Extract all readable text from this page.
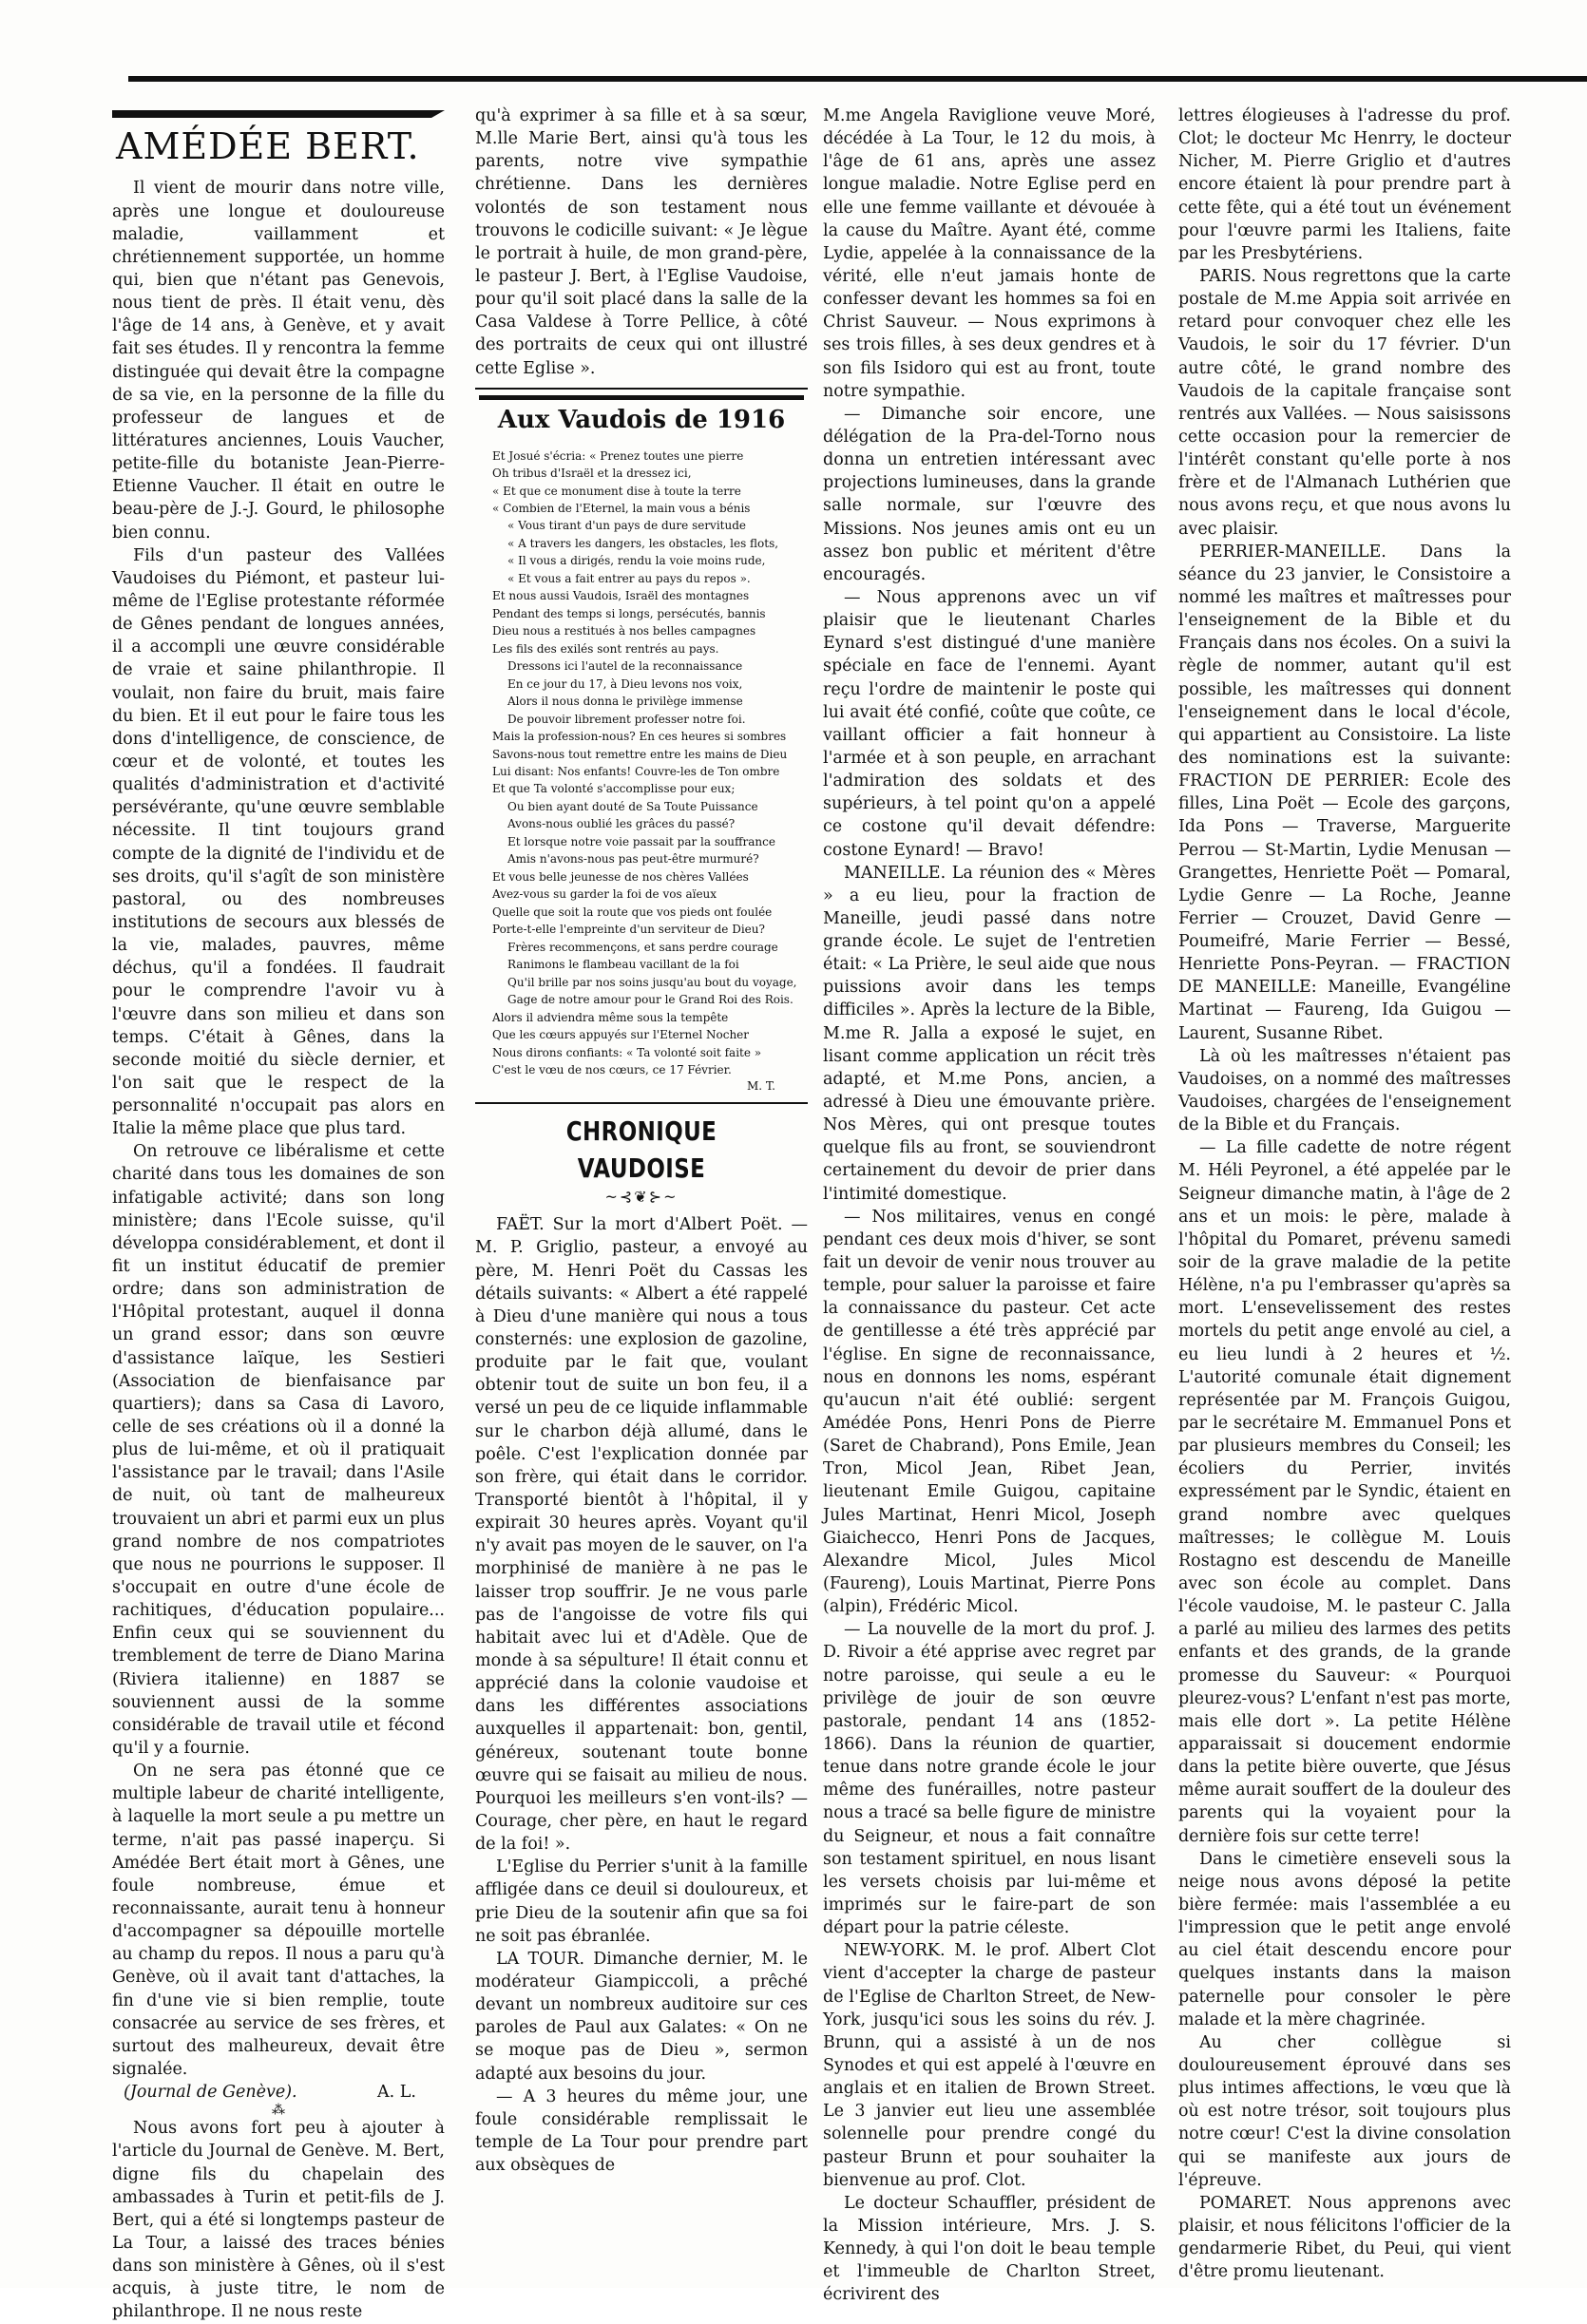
AMÉDÉE BERT.

Il vient de mourir dans notre ville, après une longue et douloureuse maladie, vaillamment et chrétiennement supportée, un homme qui, bien que n'étant pas Genevois, nous tient de près. Il était venu, dès l'âge de 14 ans, à Genève, et y avait fait ses études. Il y rencontra la femme distinguée qui devait être la compagne de sa vie, en la personne de la fille du professeur de langues et de littératures anciennes, Louis Vaucher, petite-fille du botaniste Jean-Pierre-Etienne Vaucher. Il était en outre le beau-père de J.-J. Gourd, le philosophe bien connu.

Fils d'un pasteur des Vallées Vaudoises du Piémont, et pasteur lui-même de l'Eglise protestante réformée de Gênes pendant de longues années, il a accompli une œuvre considérable de vraie et saine philanthropie. Il voulait, non faire du bruit, mais faire du bien. Et il eut pour le faire tous les dons d'intelligence, de conscience, de cœur et de volonté, et toutes les qualités d'administration et d'activité persévérante, qu'une œuvre semblable nécessite. Il tint toujours grand compte de la dignité de l'individu et de ses droits, qu'il s'agît de son ministère pastoral, ou des nombreuses institutions de secours aux blessés de la vie, malades, pauvres, même déchus, qu'il a fondées. Il faudrait pour le comprendre l'avoir vu à l'œuvre dans son milieu et dans son temps. C'était à Gênes, dans la seconde moitié du siècle dernier, et l'on sait que le respect de la personnalité n'occupait pas alors en Italie la même place que plus tard.

On retrouve ce libéralisme et cette charité dans tous les domaines de son infatigable activité; dans son long ministère; dans l'Ecole suisse, qu'il développa considérablement, et dont il fit un institut éducatif de premier ordre; dans son administration de l'Hôpital protestant, auquel il donna un grand essor; dans son œuvre d'assistance laïque, les Sestieri (Association de bienfaisance par quartiers); dans sa Casa di Lavoro, celle de ses créations où il a donné la plus de lui-même, et où il pratiquait l'assistance par le travail; dans l'Asile de nuit, où tant de malheureux trouvaient un abri et parmi eux un plus grand nombre de nos compatriotes que nous ne pourrions le supposer. Il s'occupait en outre d'une école de rachitiques, d'éducation populaire... Enfin ceux qui se souviennent du tremblement de terre de Diano Marina (Riviera italienne) en 1887 se souviennent aussi de la somme considérable de travail utile et fécond qu'il y a fournie.

On ne sera pas étonné que ce multiple labeur de charité intelligente, à laquelle la mort seule a pu mettre un terme, n'ait pas passé inaperçu. Si Amédée Bert était mort à Gênes, une foule nombreuse, émue et reconnaissante, aurait tenu à honneur d'accompagner sa dépouille mortelle au champ du repos. Il nous a paru qu'à Genève, où il avait tant d'attaches, la fin d'une vie si bien remplie, toute consacrée au service de ses frères, et surtout des malheureux, devait être signalée.

(Journal de Genève).	A. L.

⁂

Nous avons fort peu à ajouter à l'article du Journal de Genève. M. Bert, digne fils du chapelain des ambassades à Turin et petit-fils de J. Bert, qui a été si longtemps pasteur de La Tour, a laissé des traces bénies dans son ministère à Gênes, où il s'est acquis, à juste titre, le nom de philanthrope. Il ne nous reste

qu'à exprimer à sa fille et à sa sœur, M.lle Marie Bert, ainsi qu'à tous les parents, notre vive sympathie chrétienne. Dans les dernières volontés de son testament nous trouvons le codicille suivant: « Je lègue le portrait à huile, de mon grand-père, le pasteur J. Bert, à l'Eglise Vaudoise, pour qu'il soit placé dans la salle de la Casa Valdese à Torre Pellice, à côté des portraits de ceux qui ont illustré cette Eglise ».

Aux Vaudois de 1916
Et Josué s'écria: « Prenez toutes une pierre
Oh tribus d'Israël et la dressez ici,
« Et que ce monument dise à toute la terre
« Combien de l'Eternel, la main vous a bénis
« Vous tirant d'un pays de dure servitude
« A travers les dangers, les obstacles, les flots,
« Il vous a dirigés, rendu la voie moins rude,
« Et vous a fait entrer au pays du repos ».
Et nous aussi Vaudois, Israël des montagnes
Pendant des temps si longs, persécutés, bannis
Dieu nous a restitués à nos belles campagnes
Les fils des exilés sont rentrés au pays.
Dressons ici l'autel de la reconnaissance
En ce jour du 17, à Dieu levons nos voix,
Alors il nous donna le privilège immense
De pouvoir librement professer notre foi.
Mais la profession-nous? En ces heures si sombres
Savons-nous tout remettre entre les mains de Dieu
Lui disant: Nos enfants! Couvre-les de Ton ombre
Et que Ta volonté s'accomplisse pour eux;
Ou bien ayant douté de Sa Toute Puissance
Avons-nous oublié les grâces du passé?
Et lorsque notre voie passait par la souffrance
Amis n'avons-nous pas peut-être murmuré?
Et vous belle jeunesse de nos chères Vallées
Avez-vous su garder la foi de vos aïeux
Quelle que soit la route que vos pieds ont foulée
Porte-t-elle l'empreinte d'un serviteur de Dieu?
Frères recommençons, et sans perdre courage
Ranimons le flambeau vacillant de la foi
Qu'il brille par nos soins jusqu'au bout du voyage,
Gage de notre amour pour le Grand Roi des Rois.
Alors il adviendra même sous la tempête
Que les cœurs appuyés sur l'Eternel Nocher
Nous dirons confiants: « Ta volonté soit faite »
C'est le vœu de nos cœurs, ce 17 Février.
M. T.
CHRONIQUE VAUDOISE
~⊰❦⊱~

FAËT. Sur la mort d'Albert Poët. — M. P. Griglio, pasteur, a envoyé au père, M. Henri Poët du Cassas les détails suivants: « Albert a été rappelé à Dieu d'une manière qui nous a tous consternés: une explosion de gazoline, produite par le fait que, voulant obtenir tout de suite un bon feu, il a versé un peu de ce liquide inflammable sur le charbon déjà allumé, dans le poêle. C'est l'explication donnée par son frère, qui était dans le corridor. Transporté bientôt à l'hôpital, il y expirait 30 heures après. Voyant qu'il n'y avait pas moyen de le sauver, on l'a morphinisé de manière à ne pas le laisser trop souffrir. Je ne vous parle pas de l'angoisse de votre fils qui habitait avec lui et d'Adèle. Que de monde à sa sépulture! Il était connu et apprécié dans la colonie vaudoise et dans les différentes associations auxquelles il appartenait: bon, gentil, généreux, soutenant toute bonne œuvre qui se faisait au milieu de nous. Pourquoi les meilleurs s'en vont-ils? — Courage, cher père, en haut le regard de la foi! ».

L'Eglise du Perrier s'unit à la famille affligée dans ce deuil si douloureux, et prie Dieu de la soutenir afin que sa foi ne soit pas ébranlée.

LA TOUR. Dimanche dernier, M. le modérateur Giampiccoli, a prêché devant un nombreux auditoire sur ces paroles de Paul aux Galates: « On ne se moque pas de Dieu », sermon adapté aux besoins du jour.

— A 3 heures du même jour, une foule considérable remplissait le temple de La Tour pour prendre part aux obsèques de

M.me Angela Raviglione veuve Moré, décédée à La Tour, le 12 du mois, à l'âge de 61 ans, après une assez longue maladie. Notre Eglise perd en elle une femme vaillante et dévouée à la cause du Maître. Ayant été, comme Lydie, appelée à la connaissance de la vérité, elle n'eut jamais honte de confesser devant les hommes sa foi en Christ Sauveur. — Nous exprimons à ses trois filles, à ses deux gendres et à son fils Isidoro qui est au front, toute notre sympathie.

— Dimanche soir encore, une délégation de la Pra-del-Torno nous donna un entretien intéressant avec projections lumineuses, dans la grande salle normale, sur l'œuvre des Missions. Nos jeunes amis ont eu un assez bon public et méritent d'être encouragés.

— Nous apprenons avec un vif plaisir que le lieutenant Charles Eynard s'est distingué d'une manière spéciale en face de l'ennemi. Ayant reçu l'ordre de maintenir le poste qui lui avait été confié, coûte que coûte, ce vaillant officier a fait honneur à l'armée et à son peuple, en arrachant l'admiration des soldats et des supérieurs, à tel point qu'on a appelé ce costone qu'il devait défendre: costone Eynard! — Bravo!

MANEILLE. La réunion des « Mères » a eu lieu, pour la fraction de Maneille, jeudi passé dans notre grande école. Le sujet de l'entretien était: « La Prière, le seul aide que nous puissions avoir dans les temps difficiles ». Après la lecture de la Bible, M.me R. Jalla a exposé le sujet, en lisant comme application un récit très adapté, et M.me Pons, ancien, a adressé à Dieu une émouvante prière. Nos Mères, qui ont presque toutes quelque fils au front, se souviendront certainement du devoir de prier dans l'intimité domestique.

— Nos militaires, venus en congé pendant ces deux mois d'hiver, se sont fait un devoir de venir nous trouver au temple, pour saluer la paroisse et faire la connaissance du pasteur. Cet acte de gentillesse a été très apprécié par l'église. En signe de reconnaissance, nous en donnons les noms, espérant qu'aucun n'ait été oublié: sergent Amédée Pons, Henri Pons de Pierre (Saret de Chabrand), Pons Emile, Jean Tron, Micol Jean, Ribet Jean, lieutenant Emile Guigou, capitaine Jules Martinat, Henri Micol, Joseph Giaichecco, Henri Pons de Jacques, Alexandre Micol, Jules Micol (Faureng), Louis Martinat, Pierre Pons (alpin), Frédéric Micol.

— La nouvelle de la mort du prof. J. D. Rivoir a été apprise avec regret par notre paroisse, qui seule a eu le privilège de jouir de son œuvre pastorale, pendant 14 ans (1852-1866). Dans la réunion de quartier, tenue dans notre grande école le jour même des funérailles, notre pasteur nous a tracé sa belle figure de ministre du Seigneur, et nous a fait connaître son testament spirituel, en nous lisant les versets choisis par lui-même et imprimés sur le faire-part de son départ pour la patrie céleste.

NEW-YORK. M. le prof. Albert Clot vient d'accepter la charge de pasteur de l'Eglise de Charlton Street, de New-York, jusqu'ici sous les soins du rév. J. Brunn, qui a assisté à un de nos Synodes et qui est appelé à l'œuvre en anglais et en italien de Brown Street. Le 3 janvier eut lieu une assemblée solennelle pour prendre congé du pasteur Brunn et pour souhaiter la bienvenue au prof. Clot.

Le docteur Schauffler, président de la Mission intérieure, Mrs. J. S. Kennedy, à qui l'on doit le beau temple et l'immeuble de Charlton Street, écrivirent des

lettres élogieuses à l'adresse du prof. Clot; le docteur Mc Henrry, le docteur Nicher, M. Pierre Griglio et d'autres encore étaient là pour prendre part à cette fête, qui a été tout un événement pour l'œuvre parmi les Italiens, faite par les Presbytériens.

PARIS. Nous regrettons que la carte postale de M.me Appia soit arrivée en retard pour convoquer chez elle les Vaudois, le soir du 17 février. D'un autre côté, le grand nombre des Vaudois de la capitale française sont rentrés aux Vallées. — Nous saisissons cette occasion pour la remercier de l'intérêt constant qu'elle porte à nos frère et de l'Almanach Luthérien que nous avons reçu, et que nous avons lu avec plaisir.

PERRIER-MANEILLE. Dans la séance du 23 janvier, le Consistoire a nommé les maîtres et maîtresses pour l'enseignement de la Bible et du Français dans nos écoles. On a suivi la règle de nommer, autant qu'il est possible, les maîtresses qui donnent l'enseignement dans le local d'école, qui appartient au Consistoire. La liste des nominations est la suivante: FRACTION DE PERRIER: Ecole des filles, Lina Poët — Ecole des garçons, Ida Pons — Traverse, Marguerite Perrou — St-Martin, Lydie Menusan — Grangettes, Henriette Poët — Pomaral, Lydie Genre — La Roche, Jeanne Ferrier — Crouzet, David Genre — Poumeifré, Marie Ferrier — Bessé, Henriette Pons-Peyran. — FRACTION DE MANEILLE: Maneille, Evangéline Martinat — Faureng, Ida Guigou — Laurent, Susanne Ribet.

Là où les maîtresses n'étaient pas Vaudoises, on a nommé des maîtresses Vaudoises, chargées de l'enseignement de la Bible et du Français.

— La fille cadette de notre régent M. Héli Peyronel, a été appelée par le Seigneur dimanche matin, à l'âge de 2 ans et un mois: le père, malade à l'hôpital du Pomaret, prévenu samedi soir de la grave maladie de la petite Hélène, n'a pu l'embrasser qu'après sa mort. L'ensevelissement des restes mortels du petit ange envolé au ciel, a eu lieu lundi à 2 heures et ½. L'autorité comunale était dignement représentée par M. François Guigou, par le secrétaire M. Emmanuel Pons et par plusieurs membres du Conseil; les écoliers du Perrier, invités expressément par le Syndic, étaient en grand nombre avec quelques maîtresses; le collègue M. Louis Rostagno est descendu de Maneille avec son école au complet. Dans l'école vaudoise, M. le pasteur C. Jalla a parlé au milieu des larmes des petits enfants et des grands, de la grande promesse du Sauveur: « Pourquoi pleurez-vous? L'enfant n'est pas morte, mais elle dort ». La petite Hélène apparaissait si doucement endormie dans la petite bière ouverte, que Jésus même aurait souffert de la douleur des parents qui la voyaient pour la dernière fois sur cette terre!

Dans le cimetière enseveli sous la neige nous avons déposé la petite bière fermée: mais l'assemblée a eu l'impression que le petit ange envolé au ciel était descendu encore pour quelques instants dans la maison paternelle pour consoler le père malade et la mère chagrinée.

Au cher collègue si douloureusement éprouvé dans ses plus intimes affections, le vœu que là où est notre trésor, soit toujours plus notre cœur! C'est la divine consolation qui se manifeste aux jours de l'épreuve.

POMARET. Nous apprenons avec plaisir, et nous félicitons l'officier de la gendarmerie Ribet, du Peui, qui vient d'être promu lieutenant.
